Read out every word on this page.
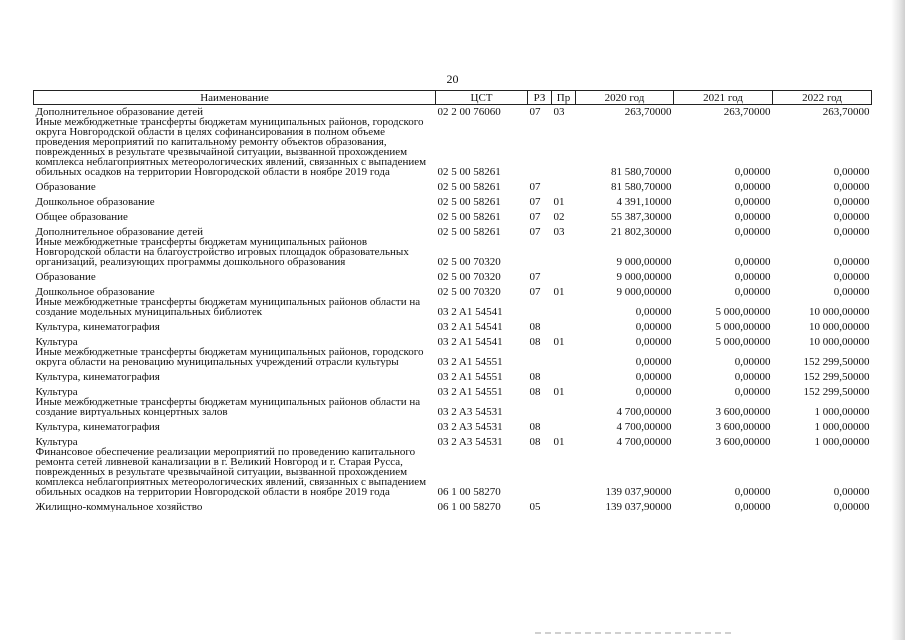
20
Наименование	ЦСТ	РЗ	Пр	2020 год	2021 год	2022 год
Дополнительное образование детей	02 2 00 76060	07	03	263,70000	263,70000	263,70000
Иные межбюджетные трансферты бюджетам муниципальных районов, городского округа Новгородской области в целях софинансирования в полном объеме проведения мероприятий по капитальному ремонту объектов образования, поврежденных в результате чрезвычайной ситуации, вызванной прохождением комплекса неблагоприятных метеорологических явлений, связанных с выпадением обильных осадков на территории Новгородской области в ноябре 2019 года	02 5 00 58261			81 580,70000	0,00000	0,00000
Образование	02 5 00 58261	07		81 580,70000	0,00000	0,00000
Дошкольное образование	02 5 00 58261	07	01	4 391,10000	0,00000	0,00000
Общее образование	02 5 00 58261	07	02	55 387,30000	0,00000	0,00000
Дополнительное образование детей	02 5 00 58261	07	03	21 802,30000	0,00000	0,00000
Иные межбюджетные трансферты бюджетам муниципальных районов Новгородской области на благоустройство игровых площадок образовательных организаций, реализующих программы дошкольного образования	02 5 00 70320			9 000,00000	0,00000	0,00000
Образование	02 5 00 70320	07		9 000,00000	0,00000	0,00000
Дошкольное образование	02 5 00 70320	07	01	9 000,00000	0,00000	0,00000
Иные межбюджетные трансферты бюджетам муниципальных районов области на создание модельных муниципальных библиотек	03 2 A1 54541			0,00000	5 000,00000	10 000,00000
Культура, кинематография	03 2 A1 54541	08		0,00000	5 000,00000	10 000,00000
Культура	03 2 A1 54541	08	01	0,00000	5 000,00000	10 000,00000
Иные межбюджетные трансферты бюджетам муниципальных районов, городского округа области на реновацию муниципальных учреждений отрасли культуры	03 2 A1 54551			0,00000	0,00000	152 299,50000
Культура, кинематография	03 2 A1 54551	08		0,00000	0,00000	152 299,50000
Культура	03 2 A1 54551	08	01	0,00000	0,00000	152 299,50000
Иные межбюджетные трансферты бюджетам муниципальных районов области на создание виртуальных концертных залов	03 2 A3 54531			4 700,00000	3 600,00000	1 000,00000
Культура, кинематография	03 2 A3 54531	08		4 700,00000	3 600,00000	1 000,00000
Культура	03 2 A3 54531	08	01	4 700,00000	3 600,00000	1 000,00000
Финансовое обеспечение реализации мероприятий по проведению капитального ремонта сетей ливневой канализации в г. Великий Новгород и г. Старая Русса, поврежденных в результате чрезвычайной ситуации, вызванной прохождением комплекса неблагоприятных метеорологических явлений, связанных с выпадением обильных осадков на территории Новгородской области в ноябре 2019 года	06 1 00 58270			139 037,90000	0,00000	0,00000
Жилищно-коммунальное хозяйство	06 1 00 58270	05		139 037,90000	0,00000	0,00000
